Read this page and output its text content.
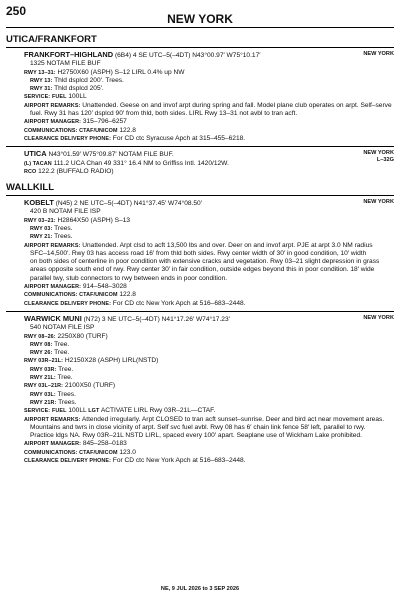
250
NEW YORK
UTICA/FRANKFORT
NEW YORK
FRANKFORT–HIGHLAND (6B4) 4 SE UTC–5(–4DT) N43°00.97′ W75°10.17′
1325 NOTAM FILE BUF
RWY 13–31: H2750X60 (ASPH) S–12 LIRL 0.4% up NW
RWY 13: Thld dsplcd 200′. Trees.
RWY 31: Thld dsplcd 205′.
SERVICE: FUEL 100LL
AIRPORT REMARKS: Unattended. Geese on and invof arpt during spring and fall. Model plane club operates on arpt. Self–serve
fuel. Rwy 31 has 120′ dsplcd 90′ from thld, both sides. LIRL Rwy 13–31 not avbl to tran acft.
AIRPORT MANAGER: 315–796–6257
COMMUNICATIONS: CTAF/UNICOM 122.8
CLEARANCE DELIVERY PHONE: For CD ctc Syracuse Apch at 315–455–6218.
NEW YORK
L–32G
UTICA N43°01.59′ W75°09.87′ NOTAM FILE BUF.
(L) TACAN 111.2 UCA Chan 49 331° 16.4 NM to Griffiss Intl. 1420/12W.
RCO 122.2 (BUFFALO RADIO)
WALLKILL
NEW YORK
KOBELT (N45) 2 NE UTC–5(–4DT) N41°37.45′ W74°08.50′
420 B NOTAM FILE ISP
RWY 03–21: H2864X50 (ASPH) S–13
RWY 03: Trees.
RWY 21: Trees.
AIRPORT REMARKS: Unattended. Arpt clsd to acft 13,500 lbs and over. Deer on and invof arpt. PJE at arpt 3.0 NM radius
SFC–14,500′. Rwy 03 has access road 16′ from thld both sides. Rwy center width of 30′ in good condition, 10′ width
on both sides of centerline in poor condition with extensive cracks and vegetation. Rwy 03–21 slight depression in grass
areas opposite south end of rwy. Rwy center 30′ in fair condition, outside edges beyond this in poor condition. 18′ wide
parallel twy, stub connectors to rwy between ends in poor condition.
AIRPORT MANAGER: 914–548–3028
COMMUNICATIONS: CTAF/UNICOM 122.8
CLEARANCE DELIVERY PHONE: For CD ctc New York Apch at 516–683–2448.
NEW YORK
WARWICK MUNI (N72) 3 NE UTC–5(–4DT) N41°17.26′ W74°17.23′
540 NOTAM FILE ISP
RWY 08–26: 2250X80 (TURF)
RWY 08: Tree.
RWY 26: Tree.
RWY 03R–21L: H2150X28 (ASPH) LIRL(NSTD)
RWY 03R: Tree.
RWY 21L: Tree.
RWY 03L–21R: 2100X50 (TURF)
RWY 03L: Trees.
RWY 21R: Trees.
SERVICE: FUEL 100LL LGT ACTIVATE LIRL Rwy 03R–21L—CTAF.
AIRPORT REMARKS: Attended irregularly. Arpt CLOSED to tran acft sunset–sunrise. Deer and bird act near movement areas.
Mountains and twrs in close vicinity of arpt. Self svc fuel avbl. Rwy 08 has 6′ chain link fence 58′ left, parallel to rwy.
Practice ldgs NA. Rwy 03R–21L NSTD LIRL, spaced every 100′ apart. Seaplane use of Wickham Lake prohibited.
AIRPORT MANAGER: 845–258–0183
COMMUNICATIONS: CTAF/UNICOM 123.0
CLEARANCE DELIVERY PHONE: For CD ctc New York Apch at 516–683–2448.
NE, 9 JUL 2026 to 3 SEP 2026
